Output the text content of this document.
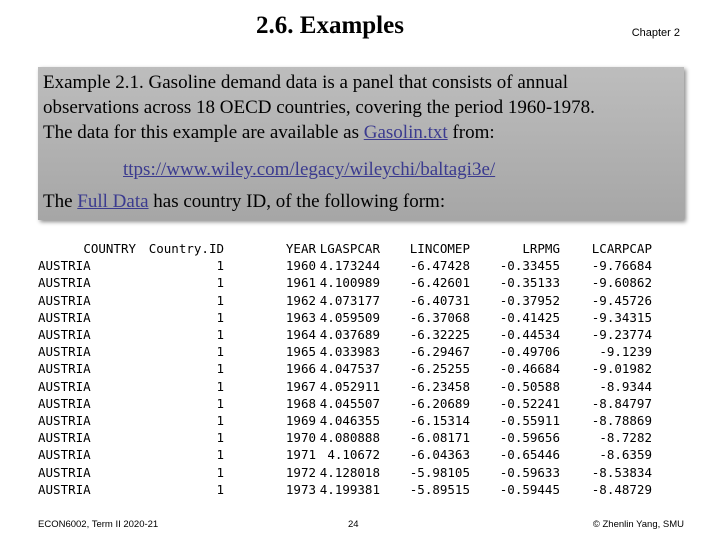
2.6. Examples	Chapter 2
Example 2.1. Gasoline demand data is a panel that consists of annual
observations across 18 OECD countries, covering the period 1960-1978.
The data for this example are available as Gasolin.txt from:
ttps://www.wiley.com/legacy/wileychi/baltagi3e/
The Full Data has country ID, of the following form:
COUNTRY	Country.ID	YEAR	LGASPCAR	LINCOMEP	LRPMG	LCARPCAP
AUSTRIA	1	1960	4.173244	-6.47428	-0.33455	-9.76684
AUSTRIA	1	1961	4.100989	-6.42601	-0.35133	-9.60862
AUSTRIA	1	1962	4.073177	-6.40731	-0.37952	-9.45726
AUSTRIA	1	1963	4.059509	-6.37068	-0.41425	-9.34315
AUSTRIA	1	1964	4.037689	-6.32225	-0.44534	-9.23774
AUSTRIA	1	1965	4.033983	-6.29467	-0.49706	-9.1239
AUSTRIA	1	1966	4.047537	-6.25255	-0.46684	-9.01982
AUSTRIA	1	1967	4.052911	-6.23458	-0.50588	-8.9344
AUSTRIA	1	1968	4.045507	-6.20689	-0.52241	-8.84797
AUSTRIA	1	1969	4.046355	-6.15314	-0.55911	-8.78869
AUSTRIA	1	1970	4.080888	-6.08171	-0.59656	-8.7282
AUSTRIA	1	1971	4.10672	-6.04363	-0.65446	-8.6359
AUSTRIA	1	1972	4.128018	-5.98105	-0.59633	-8.53834
AUSTRIA	1	1973	4.199381	-5.89515	-0.59445	-8.48729
ECON6002, Term II 2020-21	24	© Zhenlin Yang, SMU
